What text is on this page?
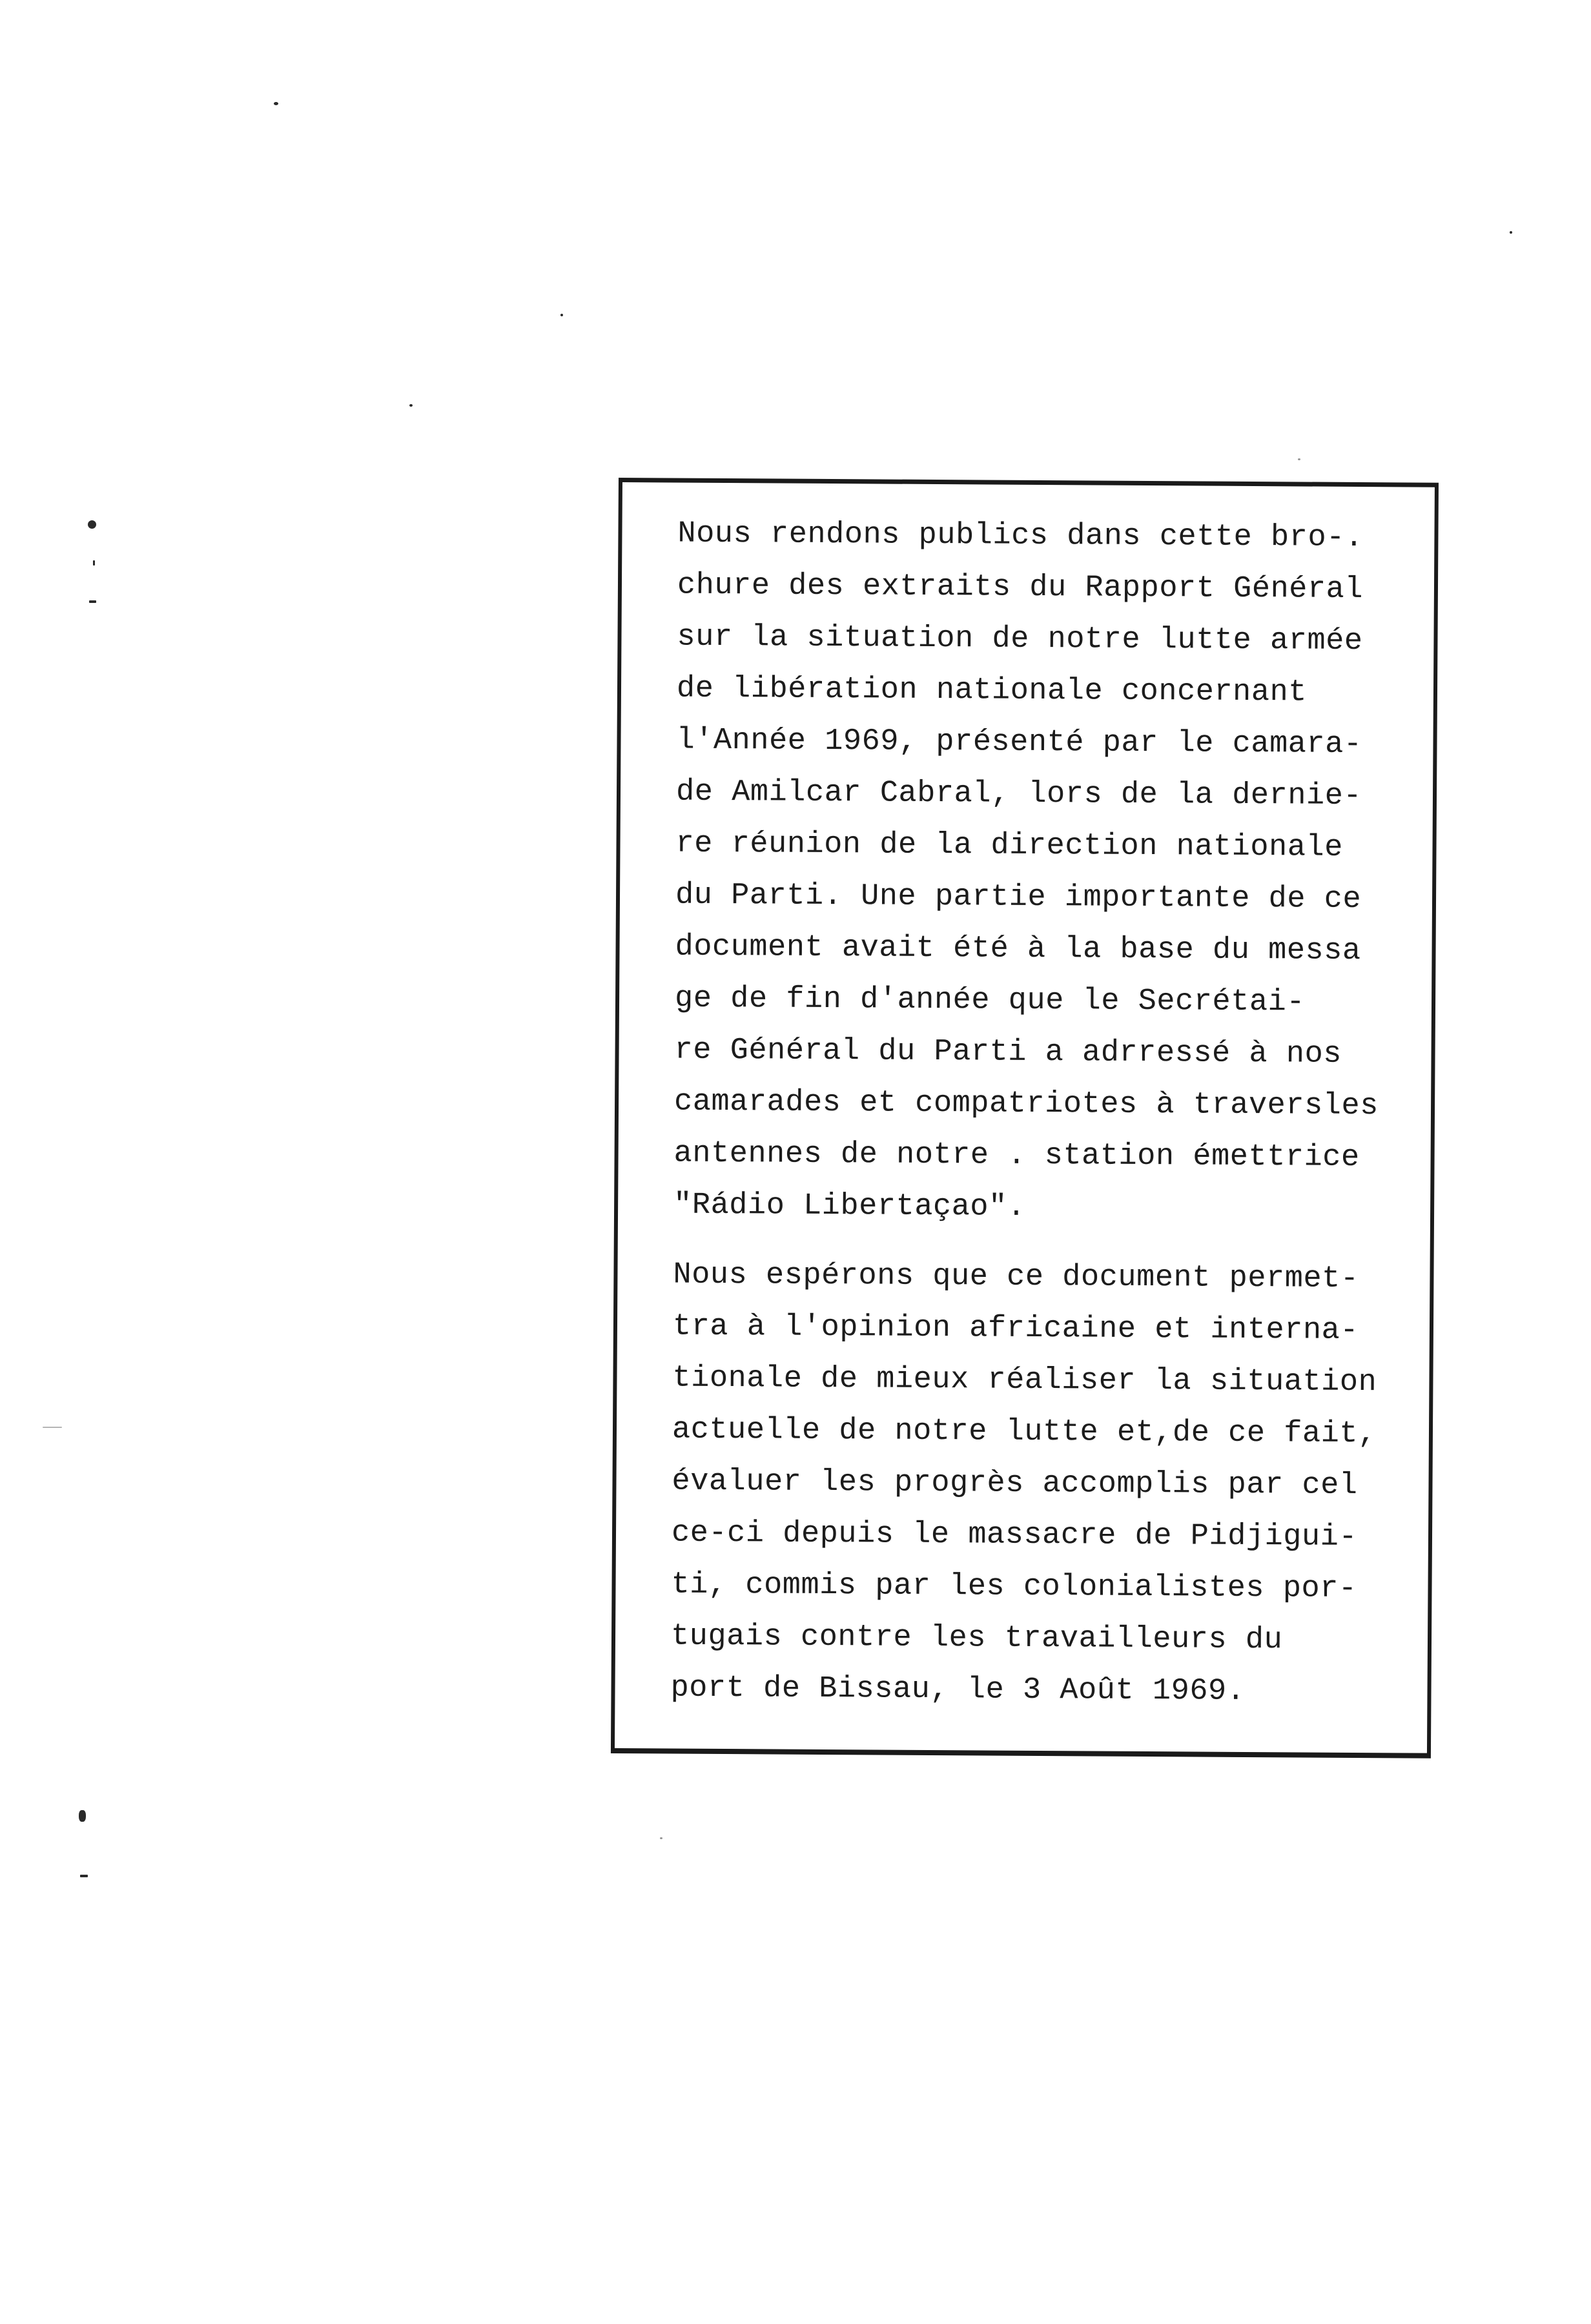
Nous rendons publics dans cette bro-.
chure des extraits du Rapport Général
sur la situation de notre lutte armée
de libération nationale concernant
l'Année 1969, présenté par le camara-
de Amilcar Cabral, lors de la dernie-
re réunion de la direction nationale
du Parti. Une partie importante de ce
document avait été à la base du messa
ge de fin d'année que le Secrétai-
re Général du Parti a adrressé à nos
camarades et compatriotes à traversles
antennes de notre . station émettrice
"Rádio Libertaçao".
Nous espérons que ce document permet-
tra à l'opinion africaine et interna-
tionale de mieux réaliser la situation
actuelle de notre lutte et,de ce fait,
évaluer les progrès accomplis par cel
ce-ci depuis le massacre de Pidjigui-
ti, commis par les colonialistes por-
tugais contre les travailleurs du
port de Bissau, le 3 Août 1969.
